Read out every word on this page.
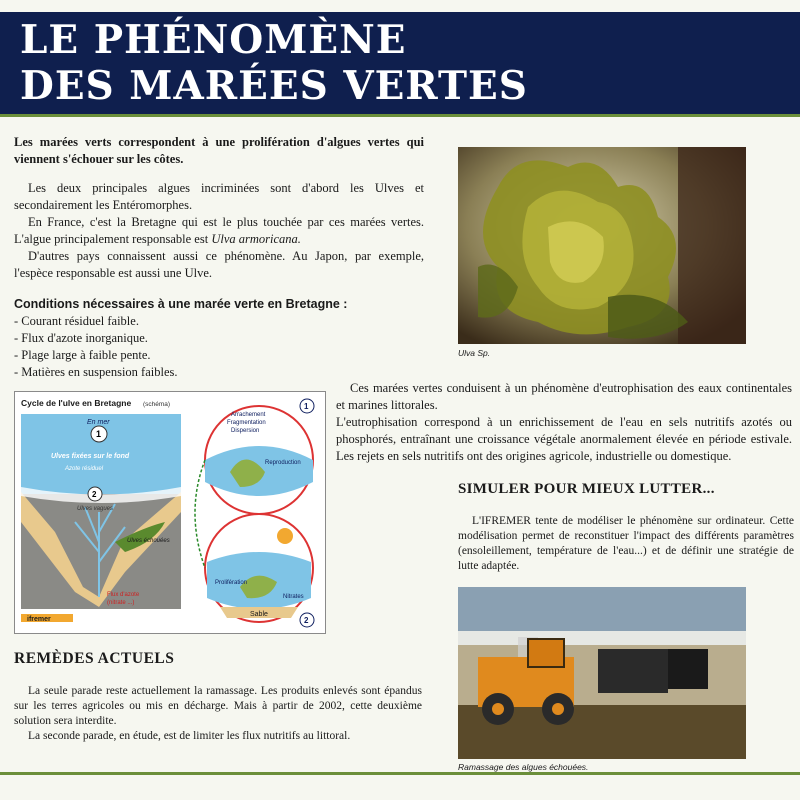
LE PHÉNOMÈNE
DES MARÉES VERTES

Les marées verts correspondent à une prolifération d'algues vertes qui viennent s'échouer sur les côtes.

Les deux principales algues incriminées sont d'abord les Ulves et secondairement les Entéromorphes.

En France, c'est la Bretagne qui est le plus touchée par ces marées vertes. L'algue principalement responsable est Ulva armoricana.

D'autres pays connaissent aussi ce phénomène. Au Japon, par exemple, l'espèce responsable est aussi une Ulve.

Conditions nécessaires à une marée verte en Bretagne :
- Courant résiduel faible.
- Flux d'azote inorganique.
- Plage large à faible pente.
- Matières en suspension faibles.
Ulva Sp.
Cycle de l'ulve en Bretagne (schéma)
1
En mer
Ulves fixées sur le fond
Azote résiduel
2
Ulves vagues
Ulves échouées
Flux d'azote
(nitrate ...)
ifremer
Arrachement
Fragmentation
Dispersion
Reproduction
1
Sable
Prolifération
Nitrates
2

Ces marées vertes conduisent à un phénomène d'eutrophisation des eaux continentales et marines littorales.

L'eutrophisation correspond à un enrichissement de l'eau en sels nutritifs azotés ou phosphorés, entraînant une croissance végétale anormalement élevée en période estivale. Les rejets en sels nutritifs ont des origines agricole, industrielle ou domestique.

SIMULER POUR MIEUX LUTTER...

L'IFREMER tente de modéliser le phénomène sur ordinateur. Cette modélisation permet de reconstituer l'impact des différents paramètres (ensoleillement, température de l'eau...) et de définir une stratégie de lutte adaptée.

Ramassage des algues échouées.
REMÈDES ACTUELS

La seule parade reste actuellement la ramassage. Les produits enlevés sont épandus sur les terres agricoles ou mis en décharge. Mais à partir de 2002, cette deuxième solution sera interdite.

La seconde parade, en étude, est de limiter les flux nutritifs au littoral.
